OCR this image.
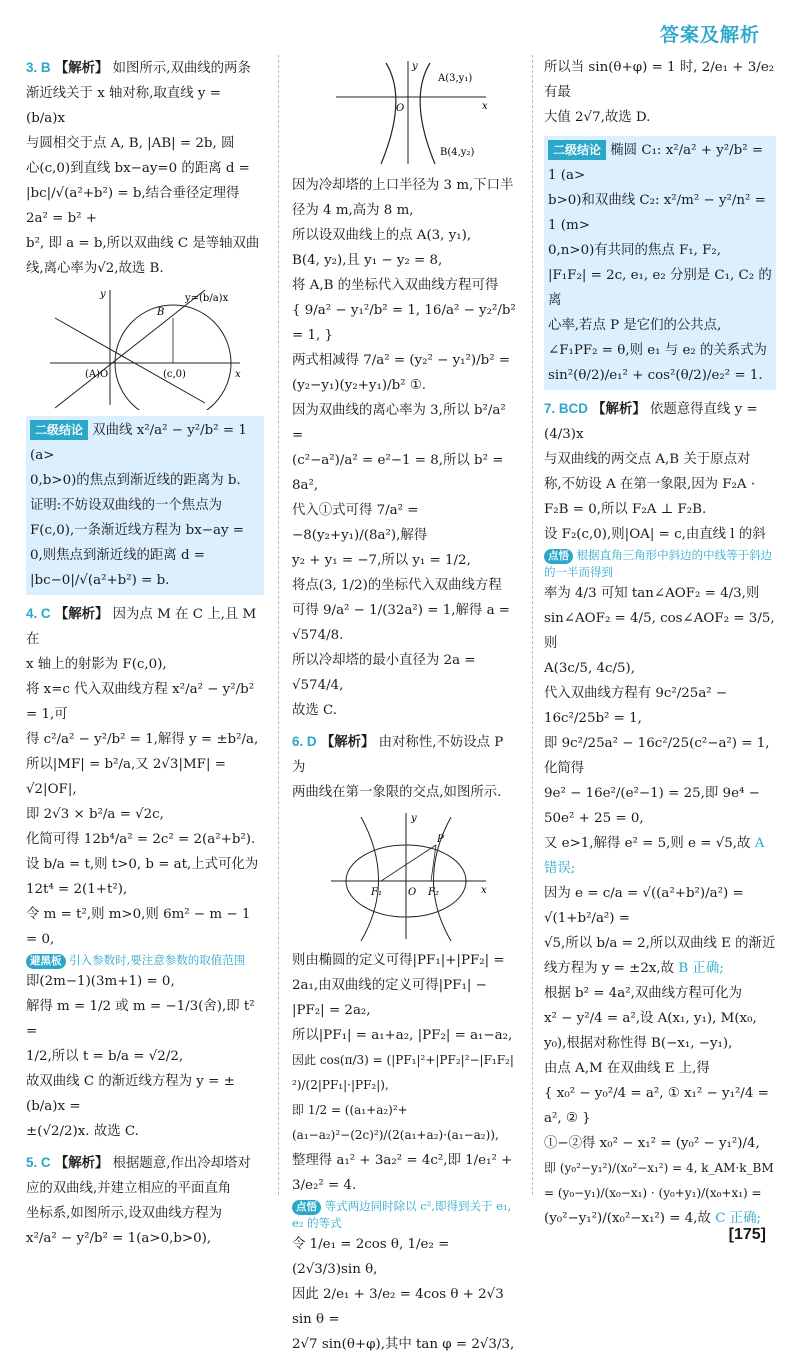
答案及解析

3. B 【解析】 如图所示,双曲线的两条

渐近线关于 x 轴对称,取直线 y = (b/a)x

与圆相交于点 A, B, |AB| = 2b, 圆

心(c,0)到直线 bx−ay=0 的距离 d =

|bc|/√(a²+b²) = b,结合垂径定理得 2a² = b² +

b², 即 a = b,所以双曲线 C 是等轴双曲

线,离心率为√2,故选 B.

y=(b/a)x
y
B
(A)O	(c,0)	x

二级结论 双曲线 x²/a² − y²/b² = 1 (a>

0,b>0)的焦点到渐近线的距离为 b.

证明:不妨设双曲线的一个焦点为

F(c,0),一条渐近线方程为 bx−ay =

0,则焦点到渐近线的距离 d =

|bc−0|/√(a²+b²) = b.

4. C 【解析】 因为点 M 在 C 上,且 M 在

x 轴上的射影为 F(c,0),

将 x=c 代入双曲线方程 x²/a² − y²/b² = 1,可

得 c²/a² − y²/b² = 1,解得 y = ±b²/a,

所以|MF| = b²/a,又 2√3|MF| = √2|OF|,

即 2√3 × b²/a = √2c,

化简可得 12b⁴/a² = 2c² = 2(a²+b²).

设 b/a = t,则 t>0, b = at,上式可化为

12t⁴ = 2(1+t²),

令 m = t²,则 m>0,则 6m² − m − 1 = 0,

避黑板 引入参数时,要注意参数的取值范围

即(2m−1)(3m+1) = 0,

解得 m = 1/2 或 m = −1/3(舍),即 t² =

1/2,所以 t = b/a = √2/2,

故双曲线 C 的渐近线方程为 y = ±(b/a)x =

±(√2/2)x. 故选 C.

5. C 【解析】 根据题意,作出冷却塔对

应的双曲线,并建立相应的平面直角

坐标系,如图所示,设双曲线方程为

x²/a² − y²/b² = 1(a>0,b>0),

y
A(3,y₁)
O	x
B(4,y₂)

因为冷却塔的上口半径为 3 m,下口半

径为 4 m,高为 8 m,

所以设双曲线上的点 A(3, y₁),

B(4, y₂),且 y₁ − y₂ = 8,

将 A,B 的坐标代入双曲线方程可得

{ 9/a² − y₁²/b² = 1, 16/a² − y₂²/b² = 1, }

两式相减得 7/a² = (y₂² − y₁²)/b² =

(y₂−y₁)(y₂+y₁)/b² ①.

因为双曲线的离心率为 3,所以 b²/a² =

(c²−a²)/a² = e²−1 = 8,所以 b² = 8a²,

代入①式可得 7/a² = −8(y₂+y₁)/(8a²),解得

y₂ + y₁ = −7,所以 y₁ = 1/2,

将点(3, 1/2)的坐标代入双曲线方程

可得 9/a² − 1/(32a²) = 1,解得 a = √574/8.

所以冷却塔的最小直径为 2a = √574/4,

故选 C.

6. D 【解析】 由对称性,不妨设点 P 为

两曲线在第一象限的交点,如图所示.

y
P
F₁	O F₂	x

则由椭圆的定义可得|PF₁|+|PF₂| =

2a₁,由双曲线的定义可得|PF₁| −

|PF₂| = 2a₂,

所以|PF₁| = a₁+a₂, |PF₂| = a₁−a₂,

因此 cos(π/3) = (|PF₁|²+|PF₂|²−|F₁F₂|²)/(2|PF₁|·|PF₂|),

即 1/2 = ((a₁+a₂)²+(a₁−a₂)²−(2c)²)/(2(a₁+a₂)·(a₁−a₂)),

整理得 a₁² + 3a₂² = 4c²,即 1/e₁² + 3/e₂² = 4.

点悟 等式两边同时除以 c²,即得到关于 e₁, e₂ 的等式

令 1/e₁ = 2cos θ, 1/e₂ = (2√3/3)sin θ,

因此 2/e₁ + 3/e₂ = 4cos θ + 2√3 sin θ =

2√7 sin(θ+φ),其中 tan φ = 2√3/3,

所以当 sin(θ+φ) = 1 时, 2/e₁ + 3/e₂ 有最

大值 2√7,故选 D.

二级结论 椭圆 C₁: x²/a² + y²/b² = 1 (a>

b>0)和双曲线 C₂: x²/m² − y²/n² = 1 (m>

0,n>0)有共同的焦点 F₁, F₂,

|F₁F₂| = 2c, e₁, e₂ 分别是 C₁, C₂ 的离

心率,若点 P 是它们的公共点,

∠F₁PF₂ = θ,则 e₁ 与 e₂ 的关系式为

sin²(θ/2)/e₁² + cos²(θ/2)/e₂² = 1.

7. BCD 【解析】 依题意得直线 y = (4/3)x

与双曲线的两交点 A,B 关于原点对

称,不妨设 A 在第一象限,因为 F₂A ·

F₂B = 0,所以 F₂A ⊥ F₂B.

设 F₂(c,0),则|OA| = c,由直线 l 的斜

点悟 根据直角三角形中斜边的中线等于斜边的一半而得到

率为 4/3 可知 tan∠AOF₂ = 4/3,则

sin∠AOF₂ = 4/5, cos∠AOF₂ = 3/5,则

A(3c/5, 4c/5),

代入双曲线方程有 9c²/25a² − 16c²/25b² = 1,

即 9c²/25a² − 16c²/25(c²−a²) = 1,化简得

9e² − 16e²/(e²−1) = 25,即 9e⁴ − 50e² + 25 = 0,

又 e>1,解得 e² = 5,则 e = √5,故 A 错误;

因为 e = c/a = √((a²+b²)/a²) = √(1+b²/a²) =

√5,所以 b/a = 2,所以双曲线 E 的渐近

线方程为 y = ±2x,故 B 正确;

根据 b² = 4a²,双曲线方程可化为

x² − y²/4 = a²,设 A(x₁, y₁), M(x₀,

y₀),根据对称性得 B(−x₁, −y₁),

由点 A,M 在双曲线 E 上,得

{ x₀² − y₀²/4 = a², ① x₁² − y₁²/4 = a², ② }

①−②得 x₀² − x₁² = (y₀² − y₁²)/4,

即 (y₀²−y₁²)/(x₀²−x₁²) = 4, k_AM·k_BM = (y₀−y₁)/(x₀−x₁) · (y₀+y₁)/(x₀+x₁) =

(y₀²−y₁²)/(x₀²−x₁²) = 4,故 C 正确;

[175]
